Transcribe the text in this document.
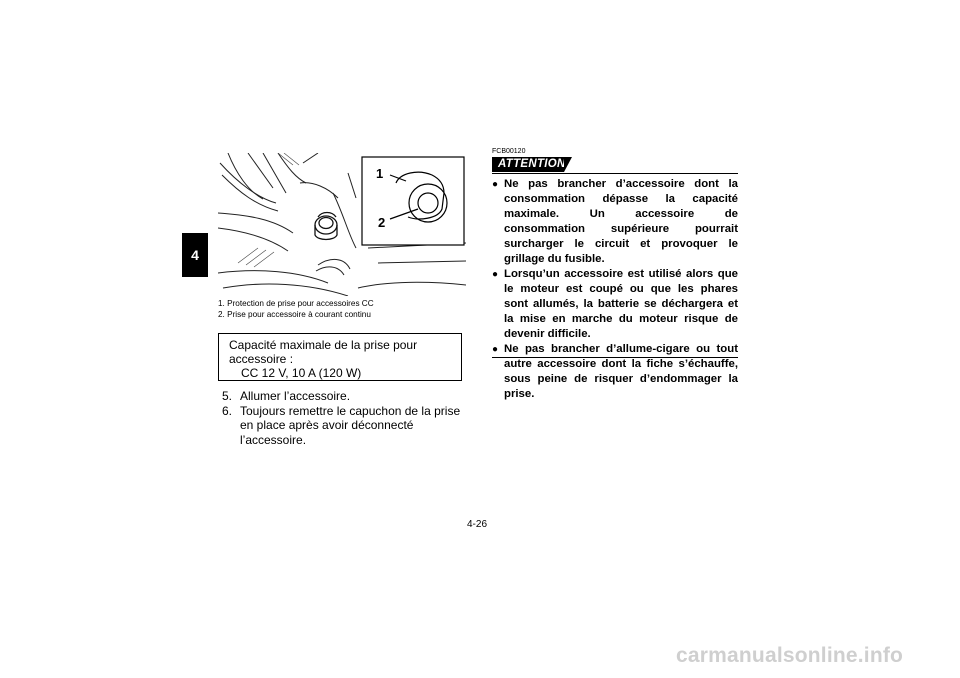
4
1
2
1. Protection de prise pour accessoires CC
2. Prise pour accessoire à courant continu
Capacité maximale de la prise pour
accessoire :
CC 12 V, 10 A (120 W)
5. Allumer l’accessoire.
6. Toujours remettre le capuchon de la prise en place après avoir déconnecté l’accessoire.
FCB00120
ATTENTION
● Ne pas brancher d’accessoire dont la consommation dépasse la capacité maximale. Un accessoire de consommation supérieure pourrait surcharger le circuit et provoquer le grillage du fusible.
● Lorsqu’un accessoire est utilisé alors que le moteur est coupé ou que les phares sont allumés, la batterie se déchargera et la mise en marche du moteur risque de devenir difficile.
● Ne pas brancher d’allume-cigare ou tout autre accessoire dont la fiche s’échauffe, sous peine de risquer d’endommager la prise.
4-26
carmanualsonline.info
